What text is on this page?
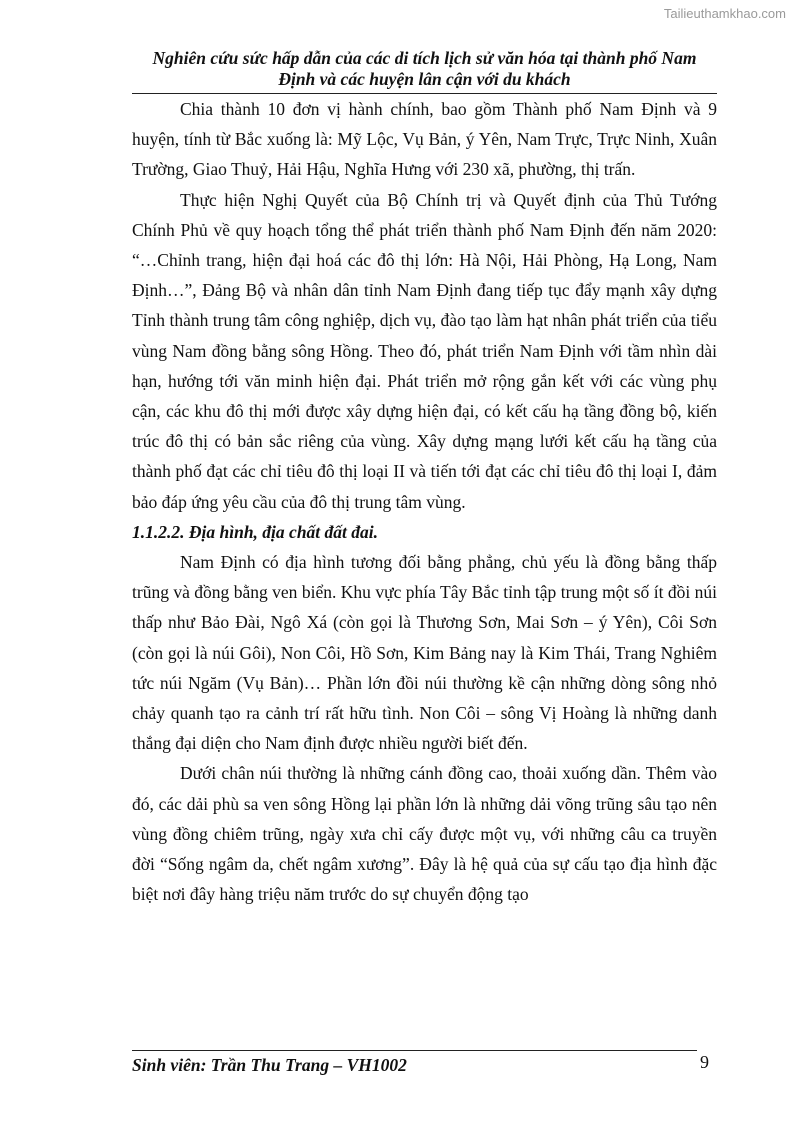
Tailieuthamkhao.com
Nghiên cứu sức hấp dẫn của các di tích lịch sử văn hóa tại thành phố Nam Định và các huyện lân cận với du khách

Chia thành 10 đơn vị hành chính, bao gồm Thành phố Nam Định và 9 huyện, tính từ Bắc xuống là: Mỹ Lộc, Vụ Bản, ý Yên, Nam Trực, Trực Ninh, Xuân Trường, Giao Thuỷ, Hải Hậu, Nghĩa Hưng với 230 xã, phường, thị trấn.

Thực hiện Nghị Quyết của Bộ Chính trị và Quyết định của Thủ Tướng Chính Phủ về quy hoạch tổng thể phát triển thành phố Nam Định đến năm 2020: “…Chỉnh trang, hiện đại hoá các đô thị lớn: Hà Nội, Hải Phòng, Hạ Long, Nam Định…”, Đảng Bộ và nhân dân tỉnh Nam Định đang tiếp tục đẩy mạnh xây dựng Tỉnh thành trung tâm công nghiệp, dịch vụ, đào tạo làm hạt nhân phát triển của tiểu vùng Nam đồng bằng sông Hồng. Theo đó, phát triển Nam Định với tầm nhìn dài hạn, hướng tới văn minh hiện đại. Phát triển mở rộng gắn kết với các vùng phụ cận, các khu đô thị mới được xây dựng hiện đại, có kết cấu hạ tầng đồng bộ, kiến trúc đô thị có bản sắc riêng của vùng. Xây dựng mạng lưới kết cấu hạ tầng của thành phố đạt các chỉ tiêu đô thị loại II và tiến tới đạt các chỉ tiêu đô thị loại I, đảm bảo đáp ứng yêu cầu của đô thị trung tâm vùng.

1.1.2.2. Địa hình, địa chất đất đai.

Nam Định có địa hình tương đối bằng phẳng, chủ yếu là đồng bằng thấp trũng và đồng bằng ven biển. Khu vực phía Tây Bắc tỉnh tập trung một số ít đồi núi thấp như Bảo Đài, Ngô Xá (còn gọi là Thương Sơn, Mai Sơn – ý Yên), Côi Sơn (còn gọi là núi Gôi), Non Côi, Hồ Sơn, Kim Bảng nay là Kim Thái, Trang Nghiêm tức núi Ngăm (Vụ Bản)… Phần lớn đồi núi thường kề cận những dòng sông nhỏ chảy quanh tạo ra cảnh trí rất hữu tình. Non Côi – sông Vị Hoàng là những danh thắng đại diện cho Nam định được nhiều người biết đến.

Dưới chân núi thường là những cánh đồng cao, thoải xuống dần. Thêm vào đó, các dải phù sa ven sông Hồng lại phần lớn là những dải võng trũng sâu tạo nên vùng đồng chiêm trũng, ngày xưa chỉ cấy được một vụ, với những câu ca truyền đời “Sống ngâm da, chết ngâm xương”. Đây là hệ quả của sự cấu tạo địa hình đặc biệt nơi đây hàng triệu năm trước do sự chuyển động tạo

Sinh viên: Trần Thu Trang – VH1002	9
